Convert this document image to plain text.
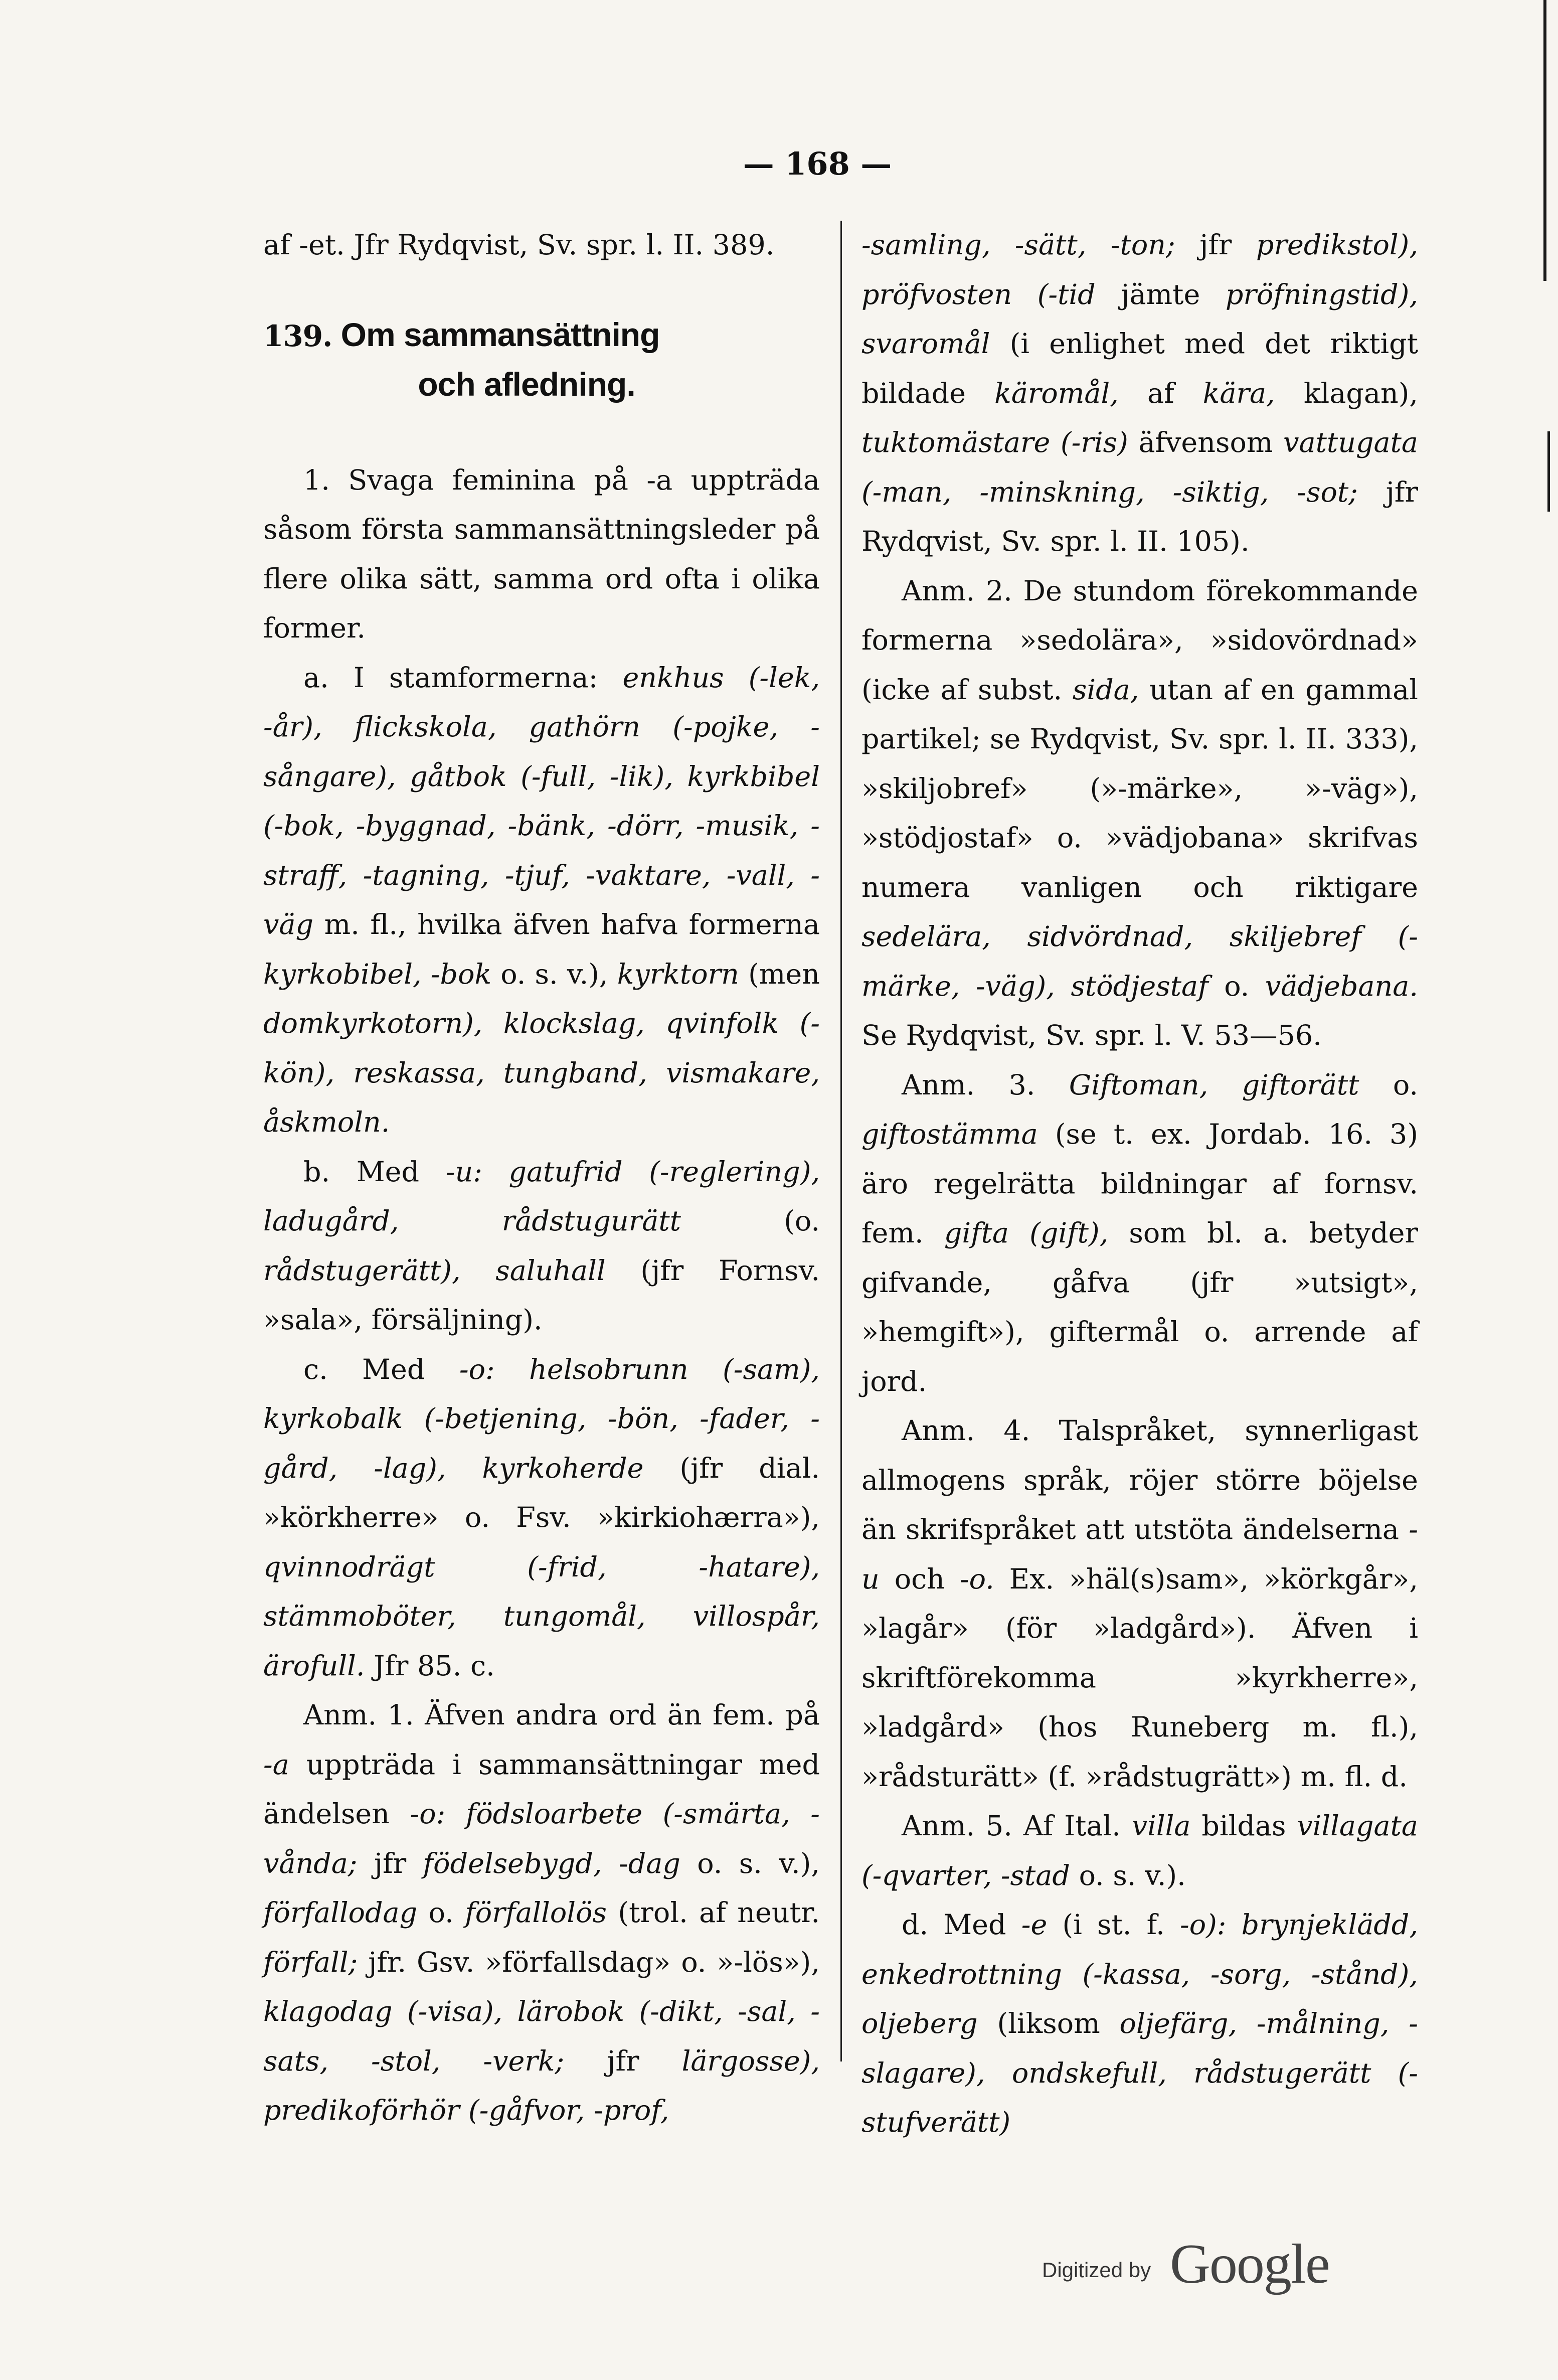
— 168 —

af -et. Jfr Rydqvist, Sv. spr. l. II. 389.

139. Om sammansättning
och afledning.

1. Svaga feminina på -a uppträda såsom första sammansättningsleder på flere olika sätt, samma ord ofta i olika former.

a. I stamformerna: enkhus (-lek, -år), flickskola, gathörn (-pojke, -sångare), gåtbok (-full, -lik), kyrkbibel (-bok, -byggnad, -bänk, -dörr, -musik, -straff, -tagning, -tjuf, -vaktare, -vall, -väg m. fl., hvilka äfven hafva formerna kyrkobibel, -bok o. s. v.), kyrktorn (men domkyrkotorn), klockslag, qvinfolk (-kön), reskassa, tungband, vismakare, åskmoln.

b. Med -u: gatufrid (-reglering), ladugård, rådstugurätt	(o. rådstugerätt), saluhall (jfr Fornsv. »sala», försäljning).

c. Med -o: helsobrunn (-sam), kyrkobalk (-betjening, -bön, -fader, -gård, -lag), kyrkoherde (jfr dial. »körkherre» o. Fsv. »kirkiohærra»), qvinnodrägt (-frid, -hatare), stämmoböter, tungomål, villospår, ärofull. Jfr 85. c.

Anm. 1. Äfven andra ord än fem. på -a uppträda i sammansättningar med ändelsen -o: födsloarbete (-smärta, -vånda; jfr födelsebygd, -dag o. s. v.), förfallodag o. förfallolös (trol. af neutr. förfall; jfr. Gsv. »förfallsdag» o. »-lös»), klagodag (-visa), lärobok (-dikt, -sal, -sats, -stol, -verk; jfr lärgosse), predikoförhör (-gåfvor, -prof,

-samling, -sätt, -ton; jfr predikstol), pröfvosten (-tid jämte pröfningstid), svaromål (i enlighet med det riktigt bildade käromål, af kära, klagan), tuktomästare (-ris) äfvensom vattugata (-man, -minskning, -siktig, -sot; jfr Rydqvist, Sv. spr. l. II. 105).

Anm. 2. De stundom förekommande formerna »sedolära», »sidovördnad» (icke af subst. sida, utan af en gammal partikel; se Rydqvist, Sv. spr. l. II. 333), »skiljobref» (»-märke», »-väg»), »stödjostaf» o. »vädjobana» skrifvas numera vanligen och riktigare sedelära, sidvördnad, skiljebref (-märke, -väg), stödjestaf o. vädjebana. Se Rydqvist, Sv. spr. l. V. 53—56.

Anm. 3. Giftoman, giftorätt o. giftostämma (se t. ex. Jordab. 16. 3) äro regelrätta bildningar af fornsv. fem. gifta (gift), som bl. a. betyder gifvande, gåfva (jfr »utsigt», »hemgift»), giftermål o. arrende af jord.

Anm. 4. Talspråket, synnerligast allmogens språk, röjer större böjelse än skrifspråket att utstöta ändelserna -u och -o. Ex. »häl(s)sam», »körkgår», »lagår» (för »ladgård»). Äfven i skriftförekomma »kyrkherre», »ladgård» (hos Runeberg m. fl.), »rådsturätt» (f. »rådstugrätt») m. fl. d.

Anm. 5. Af Ital. villa bildas villagata (-qvarter, -stad o. s. v.).

d. Med -e (i st. f. -o): brynjeklädd, enkedrottning (-kassa, -sorg, -stånd), oljeberg (liksom oljefärg, -målning, -slagare), ondskefull, rådstugerätt (-stufverätt)

Digitized by Google
